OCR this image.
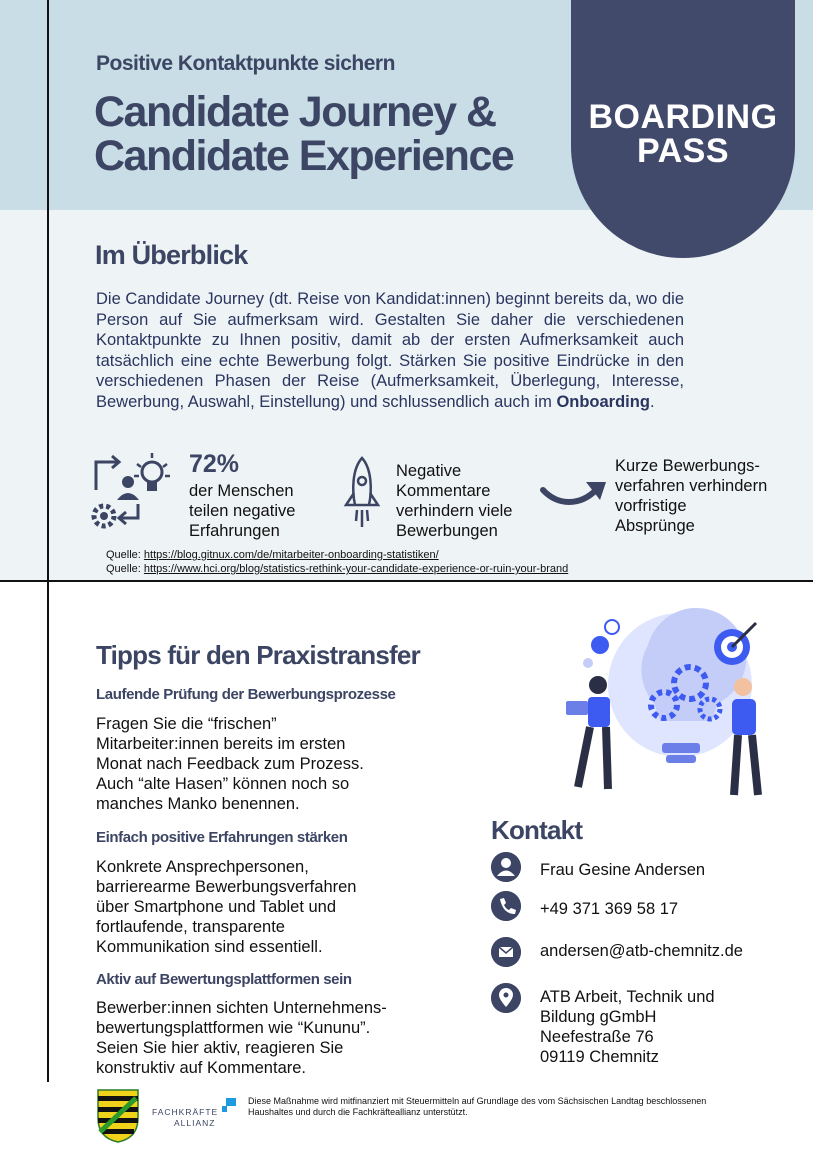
Positive Kontaktpunkte sichern
Candidate Journey &
Candidate Experience
BOARDING
PASS
Im Überblick
Die Candidate Journey (dt. Reise von Kandidat:innen) beginnt bereits da, wo die Person auf Sie aufmerksam wird. Gestalten Sie daher die verschiedenen Kontaktpunkte zu Ihnen positiv, damit ab der ersten Aufmerksamkeit auch tatsächlich eine echte Bewerbung folgt. Stärken Sie positive Eindrücke in den verschiedenen Phasen der Reise (Aufmerksamkeit, Überlegung, Interesse, Bewerbung, Auswahl, Einstellung) und schlussendlich auch im Onboarding.
72%
der Menschen
teilen negative
Erfahrungen
Negative
Kommentare
verhindern viele
Bewerbungen
Kurze Bewerbungs-
verfahren verhindern
vorfristige
Absprünge
Quelle: https://blog.gitnux.com/de/mitarbeiter-onboarding-statistiken/
Quelle: https://www.hci.org/blog/statistics-rethink-your-candidate-experience-or-ruin-your-brand
Tipps für den Praxistransfer
Laufende Prüfung der Bewerbungsprozesse
Fragen Sie die “frischen”
Mitarbeiter:innen bereits im ersten
Monat nach Feedback zum Prozess.
Auch “alte Hasen” können noch so
manches Manko benennen.
Einfach positive Erfahrungen stärken
Konkrete Ansprechpersonen,
barrierearme Bewerbungsverfahren
über Smartphone und Tablet und
fortlaufende, transparente
Kommunikation sind essentiell.
Aktiv auf Bewertungsplattformen sein
Bewerber:innen sichten Unternehmens-
bewertungsplattformen wie “Kununu”.
Seien Sie hier aktiv, reagieren Sie
konstruktiv auf Kommentare.
Kontakt
Frau Gesine Andersen
+49 371 369 58 17
andersen@atb-chemnitz.de
ATB Arbeit, Technik und
Bildung gGmbH
Neefestraße 76
09119 Chemnitz
FACHKRÄFTE
ALLIANZ
Diese Maßnahme wird mitfinanziert mit Steuermitteln auf Grundlage des vom Sächsischen Landtag beschlossenen Haushaltes und durch die Fachkräfteallianz unterstützt.
